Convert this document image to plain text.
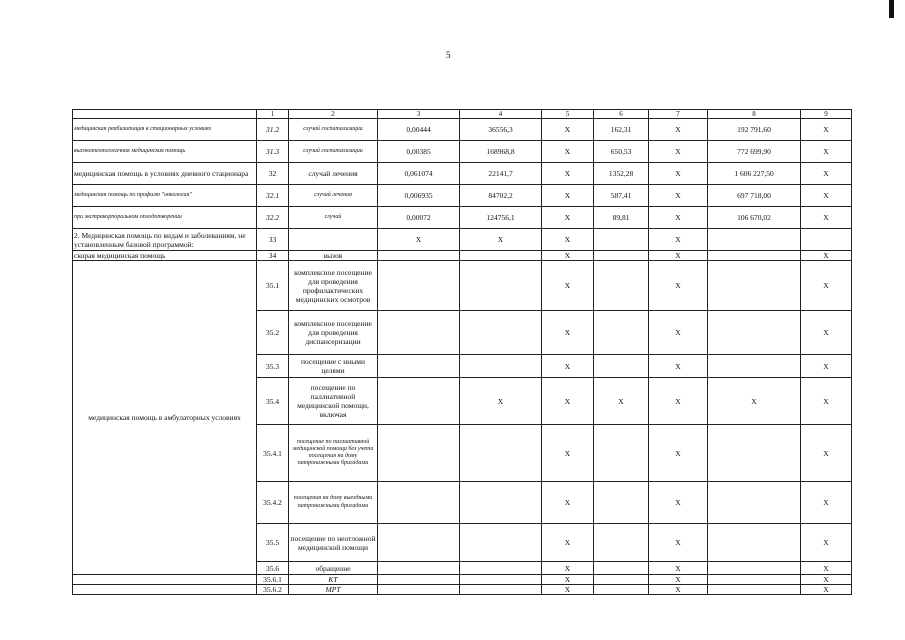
5
	1	2	3	4	5	6	7	8	9
медицинская реабилитация в стационарных условиях	31.2	случай госпитализации	0,00444	36556,3	X	162,31	X	192 791,60	X
высокотехнологичная медицинская помощь	31.3	случай госпитализации	0,00385	168968,8	X	650,53	X	772 699,90	X
медицинская помощь в условиях дневного стационара	32	случай лечения	0,061074	22141,7	X	1352,28	X	1 606 227,50	X
медицинская помощь по профилю "онкология"	32.1	случай лечения	0,006935	84702,2	X	587,41	X	697 718,00	X
при экстракорпоральном оплодотворении	32.2	случай	0,00072	124756,1	X	89,81	X	106 670,02	X
2. Медицинская помощь по видам и заболеваниям, не установленным базовой программой:	33		X	X	X		X		
скорая медицинская помощь	34	вызов			X		X		X
медицинская помощь в амбулаторных условиях	35.1	комплексное посещение для проведения профилактических медицинских осмотров			X		X		X
	35.2	комплексное посещение для проведения диспансеризации			X		X		X
	35.3	посещение с иными целями			X		X		X
	35.4	посещение по паллиативной медицинской помощи, включая		X	X	X	X	X	X
	35.4.1	посещение по паллиативной медицинской помощи без учета посещения на дому патронажными бригадами			X		X		X
	35.4.2	посещения на дому выездными патронажными бригадами			X		X		X
	35.5	посещение по неотложной медицинской помощи			X		X		X
	35.6	обращение			X		X		X
	35.6.1	КТ			X		X		X
	35.6.2	МРТ			X		X		X
